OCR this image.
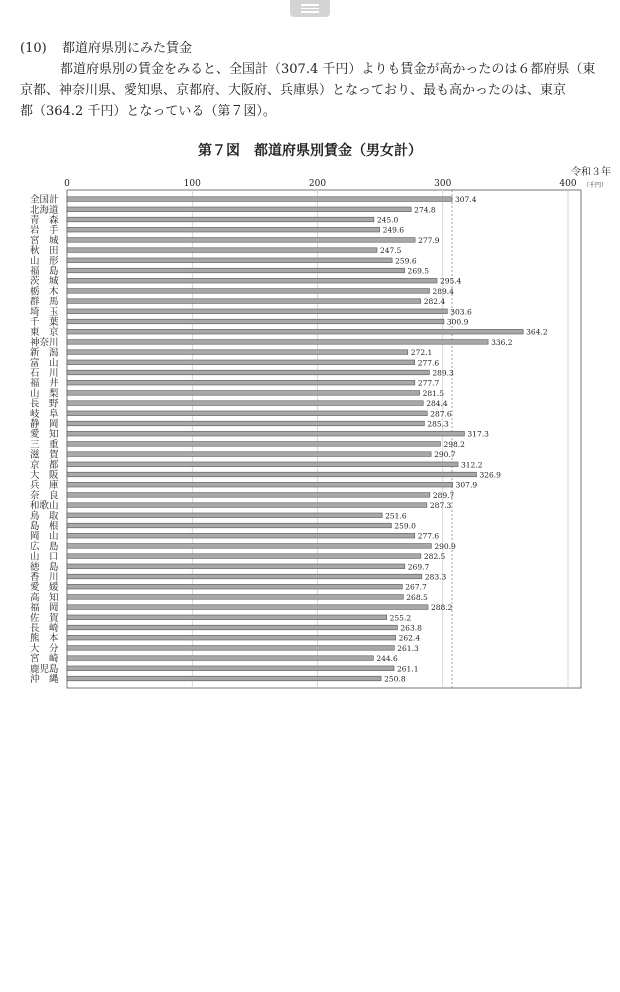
(10) 都道府県別にみた賃金
都道府県別の賃金をみると、全国計（307.4 千円）よりも賃金が高かったのは６都府県（東
京都、神奈川県、愛知県、京都府、大阪府、兵庫県）となっており、最も高かったのは、東京
都（364.2 千円）となっている（第７図）。
第７図　都道府県別賃金（男女計）
令和３年
（千円）
0	100	200	300	400
全国計	307.4
北海道	274.8
青　森	245.0
岩　手	249.6
宮　城	277.9
秋　田	247.5
山　形	259.6
福　島	269.5
茨　城	295.4
栃　木	289.4
群　馬	282.4
埼　玉	303.6
千　葉	300.9
東　京	364.2
神奈川	336.2
新　潟	272.1
富　山	277.6
石　川	289.3
福　井	277.7
山　梨	281.5
長　野	284.4
岐　阜	287.6
静　岡	285.3
愛　知	317.3
三　重	298.2
滋　賀	290.7
京　都	312.2
大　阪	326.9
兵　庫	307.9
奈　良	289.7
和歌山	287.3
鳥　取	251.6
島　根	259.0
岡　山	277.6
広　島	290.9
山　口	282.5
徳　島	269.7
香　川	283.3
愛　媛	267.7
高　知	268.5
福　岡	288.2
佐　賀	255.2
長　崎	263.8
熊　本	262.4
大　分	261.3
宮　崎	244.6
鹿児島	261.1
沖　縄	250.8
